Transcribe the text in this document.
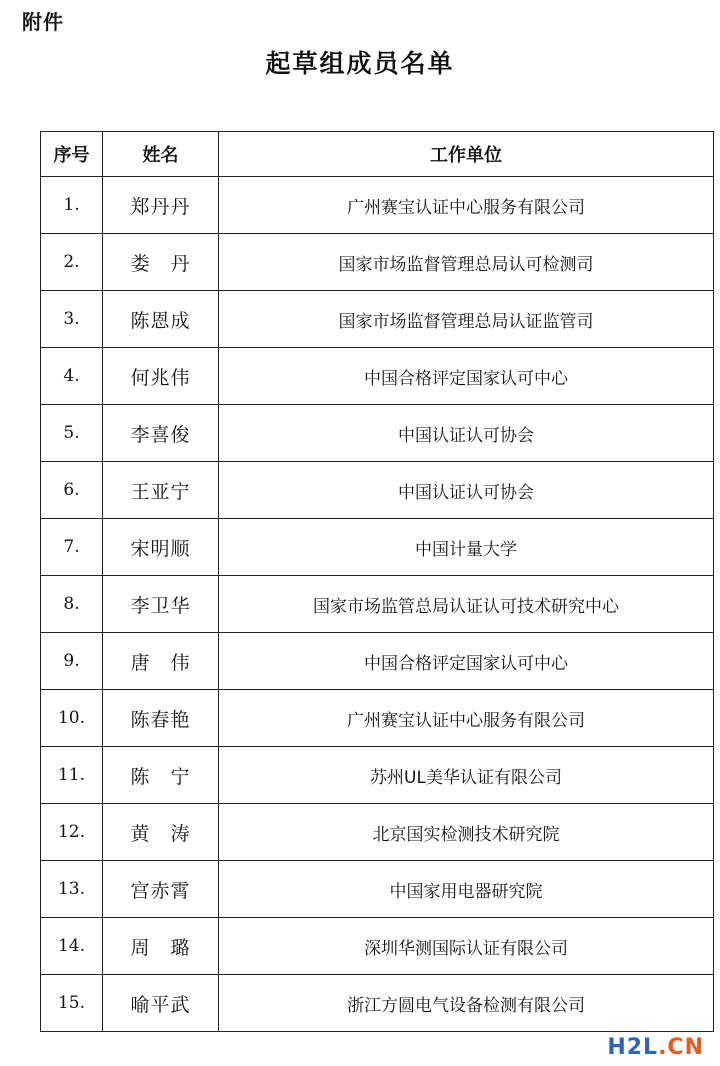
附件
起草组成员名单
序号	姓名	工作单位
1.	郑丹丹	广州赛宝认证中心服务有限公司
2.	娄　丹	国家市场监督管理总局认可检测司
3.	陈恩成	国家市场监督管理总局认证监管司
4.	何兆伟	中国合格评定国家认可中心
5.	李喜俊	中国认证认可协会
6.	王亚宁	中国认证认可协会
7.	宋明顺	中国计量大学
8.	李卫华	国家市场监管总局认证认可技术研究中心
9.	唐　伟	中国合格评定国家认可中心
10.	陈春艳	广州赛宝认证中心服务有限公司
11.	陈　宁	苏州UL美华认证有限公司
12.	黄　涛	北京国实检测技术研究院
13.	宫赤霄	中国家用电器研究院
14.	周　璐	深圳华测国际认证有限公司
15.	喻平武	浙江方圆电气设备检测有限公司
H2L.CN
